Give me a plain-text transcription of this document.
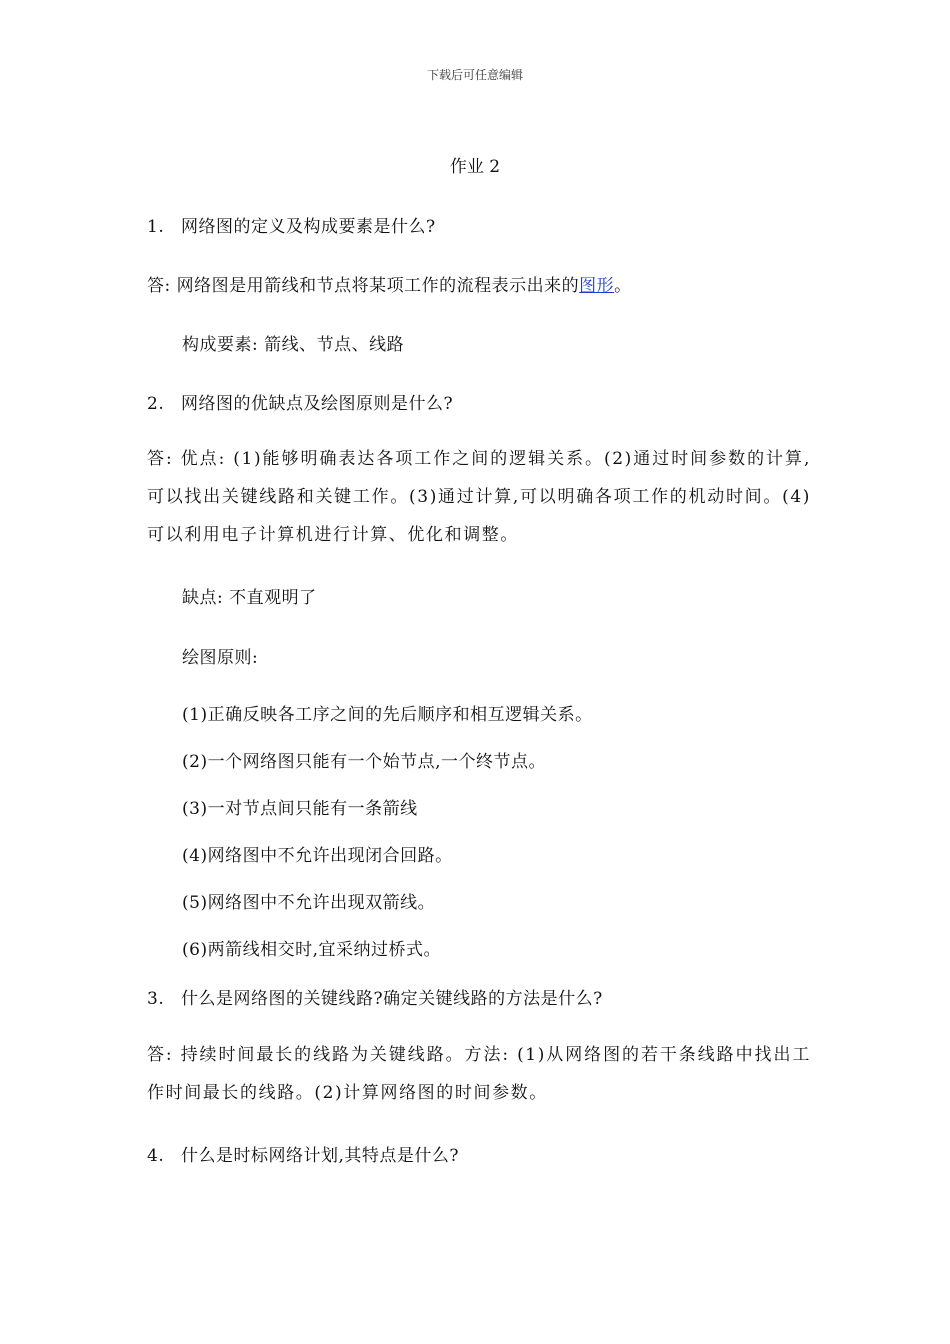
下载后可任意编辑
作业 2
1. 网络图的定义及构成要素是什么?
答: 网络图是用箭线和节点将某项工作的流程表示出来的图形。
构成要素: 箭线、节点、线路
2. 网络图的优缺点及绘图原则是什么?
答: 优点: (1)能够明确表达各项工作之间的逻辑关系。(2)通过时间参数的计算,可以找出关键线路和关键工作。(3)通过计算,可以明确各项工作的机动时间。(4)可以利用电子计算机进行计算、优化和调整。
缺点: 不直观明了
绘图原则:
(1)正确反映各工序之间的先后顺序和相互逻辑关系。
(2)一个网络图只能有一个始节点,一个终节点。
(3)一对节点间只能有一条箭线
(4)网络图中不允许出现闭合回路。
(5)网络图中不允许出现双箭线。
(6)两箭线相交时,宜采纳过桥式。
3. 什么是网络图的关键线路?确定关键线路的方法是什么?
答: 持续时间最长的线路为关键线路。方法: (1)从网络图的若干条线路中找出工作时间最长的线路。(2)计算网络图的时间参数。
4. 什么是时标网络计划,其特点是什么?
